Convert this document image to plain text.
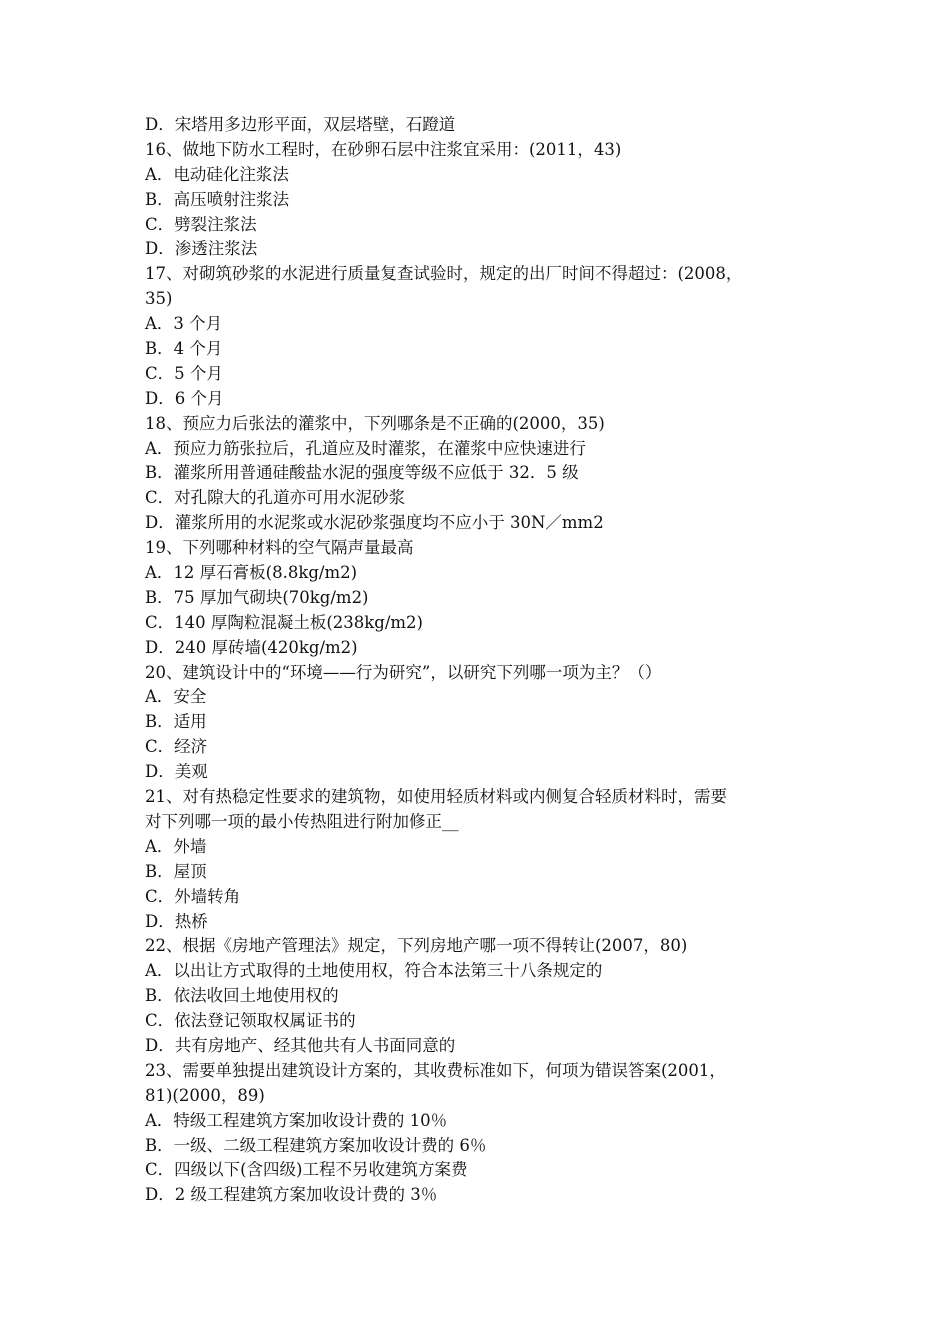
D．宋塔用多边形平面，双层塔壁，石蹬道
16、做地下防水工程时，在砂卵石层中注浆宜采用：(2011，43)
A．电动硅化注浆法
B．高压喷射注浆法
C．劈裂注浆法
D．渗透注浆法
17、对砌筑砂浆的水泥进行质量复查试验时，规定的出厂时间不得超过：(2008，
35)
A．3 个月
B．4 个月
C．5 个月
D．6 个月
18、预应力后张法的灌浆中，下列哪条是不正确的(2000，35)
A．预应力筋张拉后，孔道应及时灌浆，在灌浆中应快速进行
B．灌浆所用普通硅酸盐水泥的强度等级不应低于 32．5 级
C．对孔隙大的孔道亦可用水泥砂浆
D．灌浆所用的水泥浆或水泥砂浆强度均不应小于 30N／mm2
19、下列哪种材料的空气隔声量最高
A．12 厚石膏板(8.8kg/m2)
B．75 厚加气砌块(70kg/m2)
C．140 厚陶粒混凝土板(238kg/m2)
D．240 厚砖墙(420kg/m2)
20、建筑设计中的“环境——行为研究”，以研究下列哪一项为主？（）
A．安全
B．适用
C．经济
D．美观
21、对有热稳定性要求的建筑物，如使用轻质材料或内侧复合轻质材料时，需要
对下列哪一项的最小传热阻进行附加修正__
A．外墙
B．屋顶
C．外墙转角
D．热桥
22、根据《房地产管理法》规定，下列房地产哪一项不得转让(2007，80)
A．以出让方式取得的土地使用权，符合本法第三十八条规定的
B．依法收回土地使用权的
C．依法登记领取权属证书的
D．共有房地产、经其他共有人书面同意的
23、需要单独提出建筑设计方案的，其收费标准如下，何项为错误答案(2001，
81)(2000，89)
A．特级工程建筑方案加收设计费的 10％
B．一级、二级工程建筑方案加收设计费的 6％
C．四级以下(含四级)工程不另收建筑方案费
D．2 级工程建筑方案加收设计费的 3％
